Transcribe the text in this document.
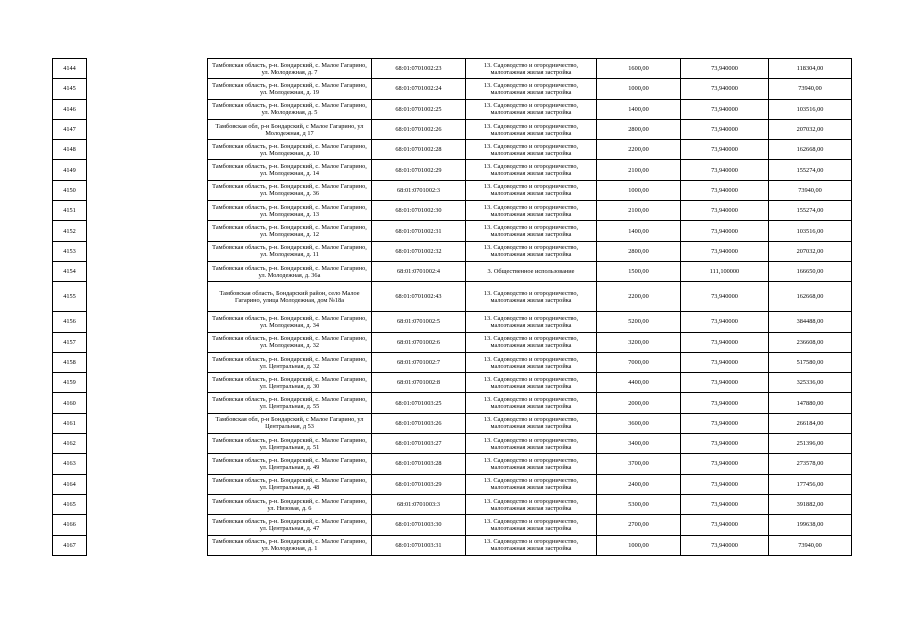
4144		Тамбовская область, р-н. Бондарский, с. Малое Гагарино, ул. Молодежная, д. 7	68:01:0701002:23	13. Садоводство и огородничество, малоэтажная жилая застройка	1600,00	73,940000	118304,00
4145		Тамбовская область, р-н. Бондарский, с. Малое Гагарино, ул. Молодежная, д. 19	68:01:0701002:24	13. Садоводство и огородничество, малоэтажная жилая застройка	1000,00	73,940000	73940,00
4146		Тамбовская область, р-н. Бондарский, с. Малое Гагарино, ул. Молодежная, д. 5	68:01:0701002:25	13. Садоводство и огородничество, малоэтажная жилая застройка	1400,00	73,940000	103516,00
4147		Тамбовская обл, р-н Бондарский, с Малое Гагарино, ул Молодежная, д 17	68:01:0701002:26	13. Садоводство и огородничество, малоэтажная жилая застройка	2800,00	73,940000	207032,00
4148		Тамбовская область, р-н. Бондарский, с. Малое Гагарино, ул. Молодежная, д. 10	68:01:0701002:28	13. Садоводство и огородничество, малоэтажная жилая застройка	2200,00	73,940000	162668,00
4149		Тамбовская область, р-н. Бондарский, с. Малое Гагарино, ул. Молодежная, д. 14	68:01:0701002:29	13. Садоводство и огородничество, малоэтажная жилая застройка	2100,00	73,940000	155274,00
4150		Тамбовская область, р-н. Бондарский, с. Малое Гагарино, ул. Молодежная, д. 36	68:01:0701002:3	13. Садоводство и огородничество, малоэтажная жилая застройка	1000,00	73,940000	73940,00
4151		Тамбовская область, р-н. Бондарский, с. Малое Гагарино, ул. Молодежная, д. 13	68:01:0701002:30	13. Садоводство и огородничество, малоэтажная жилая застройка	2100,00	73,940000	155274,00
4152		Тамбовская область, р-н. Бондарский, с. Малое Гагарино, ул. Молодежная, д. 12	68:01:0701002:31	13. Садоводство и огородничество, малоэтажная жилая застройка	1400,00	73,940000	103516,00
4153		Тамбовская область, р-н. Бондарский, с. Малое Гагарино, ул. Молодежная, д. 11	68:01:0701002:32	13. Садоводство и огородничество, малоэтажная жилая застройка	2800,00	73,940000	207032,00
4154		Тамбовская область, р-н. Бондарский, с. Малое Гагарино, ул. Молодежная, д. 36а	68:01:0701002:4	3. Общественное использование	1500,00	111,100000	166650,00
4155		Тамбовская область, Бондарский район, село Малое Гагарино, улица Молодежная, дом №18а	68:01:0701002:43	13. Садоводство и огородничество, малоэтажная жилая застройка	2200,00	73,940000	162668,00
4156		Тамбовская область, р-н. Бондарский, с. Малое Гагарино, ул. Молодежная, д. 34	68:01:0701002:5	13. Садоводство и огородничество, малоэтажная жилая застройка	5200,00	73,940000	384488,00
4157		Тамбовская область, р-н. Бондарский, с. Малое Гагарино, ул. Молодежная, д. 32	68:01:0701002:6	13. Садоводство и огородничество, малоэтажная жилая застройка	3200,00	73,940000	236608,00
4158		Тамбовская область, р-н. Бондарский, с. Малое Гагарино, ул. Центральная, д. 32	68:01:0701002:7	13. Садоводство и огородничество, малоэтажная жилая застройка	7000,00	73,940000	517580,00
4159		Тамбовская область, р-н. Бондарский, с. Малое Гагарино, ул. Центральная, д. 30	68:01:0701002:8	13. Садоводство и огородничество, малоэтажная жилая застройка	4400,00	73,940000	325336,00
4160		Тамбовская область, р-н. Бондарский, с. Малое Гагарино, ул. Центральная, д. 55	68:01:0701003:25	13. Садоводство и огородничество, малоэтажная жилая застройка	2000,00	73,940000	147880,00
4161		Тамбовская обл, р-н Бондарский, с Малое Гагарино, ул Центральная, д 53	68:01:0701003:26	13. Садоводство и огородничество, малоэтажная жилая застройка	3600,00	73,940000	266184,00
4162		Тамбовская область, р-н. Бондарский, с. Малое Гагарино, ул. Центральная, д. 51	68:01:0701003:27	13. Садоводство и огородничество, малоэтажная жилая застройка	3400,00	73,940000	251396,00
4163		Тамбовская область, р-н. Бондарский, с. Малое Гагарино, ул. Центральная, д. 49	68:01:0701003:28	13. Садоводство и огородничество, малоэтажная жилая застройка	3700,00	73,940000	273578,00
4164		Тамбовская область, р-н. Бондарский, с. Малое Гагарино, ул. Центральная, д. 48	68:01:0701003:29	13. Садоводство и огородничество, малоэтажная жилая застройка	2400,00	73,940000	177456,00
4165		Тамбовская область, р-н. Бондарский, с. Малое Гагарино, ул. Низовая, д. 6	68:01:0701003:3	13. Садоводство и огородничество, малоэтажная жилая застройка	5300,00	73,940000	391882,00
4166		Тамбовская область, р-н. Бондарский, с. Малое Гагарино, ул. Центральная, д. 47	68:01:0701003:30	13. Садоводство и огородничество, малоэтажная жилая застройка	2700,00	73,940000	199638,00
4167		Тамбовская область, р-н. Бондарский, с. Малое Гагарино, ул. Молодежная, д. 1	68:01:0701003:31	13. Садоводство и огородничество, малоэтажная жилая застройка	1000,00	73,940000	73940,00
